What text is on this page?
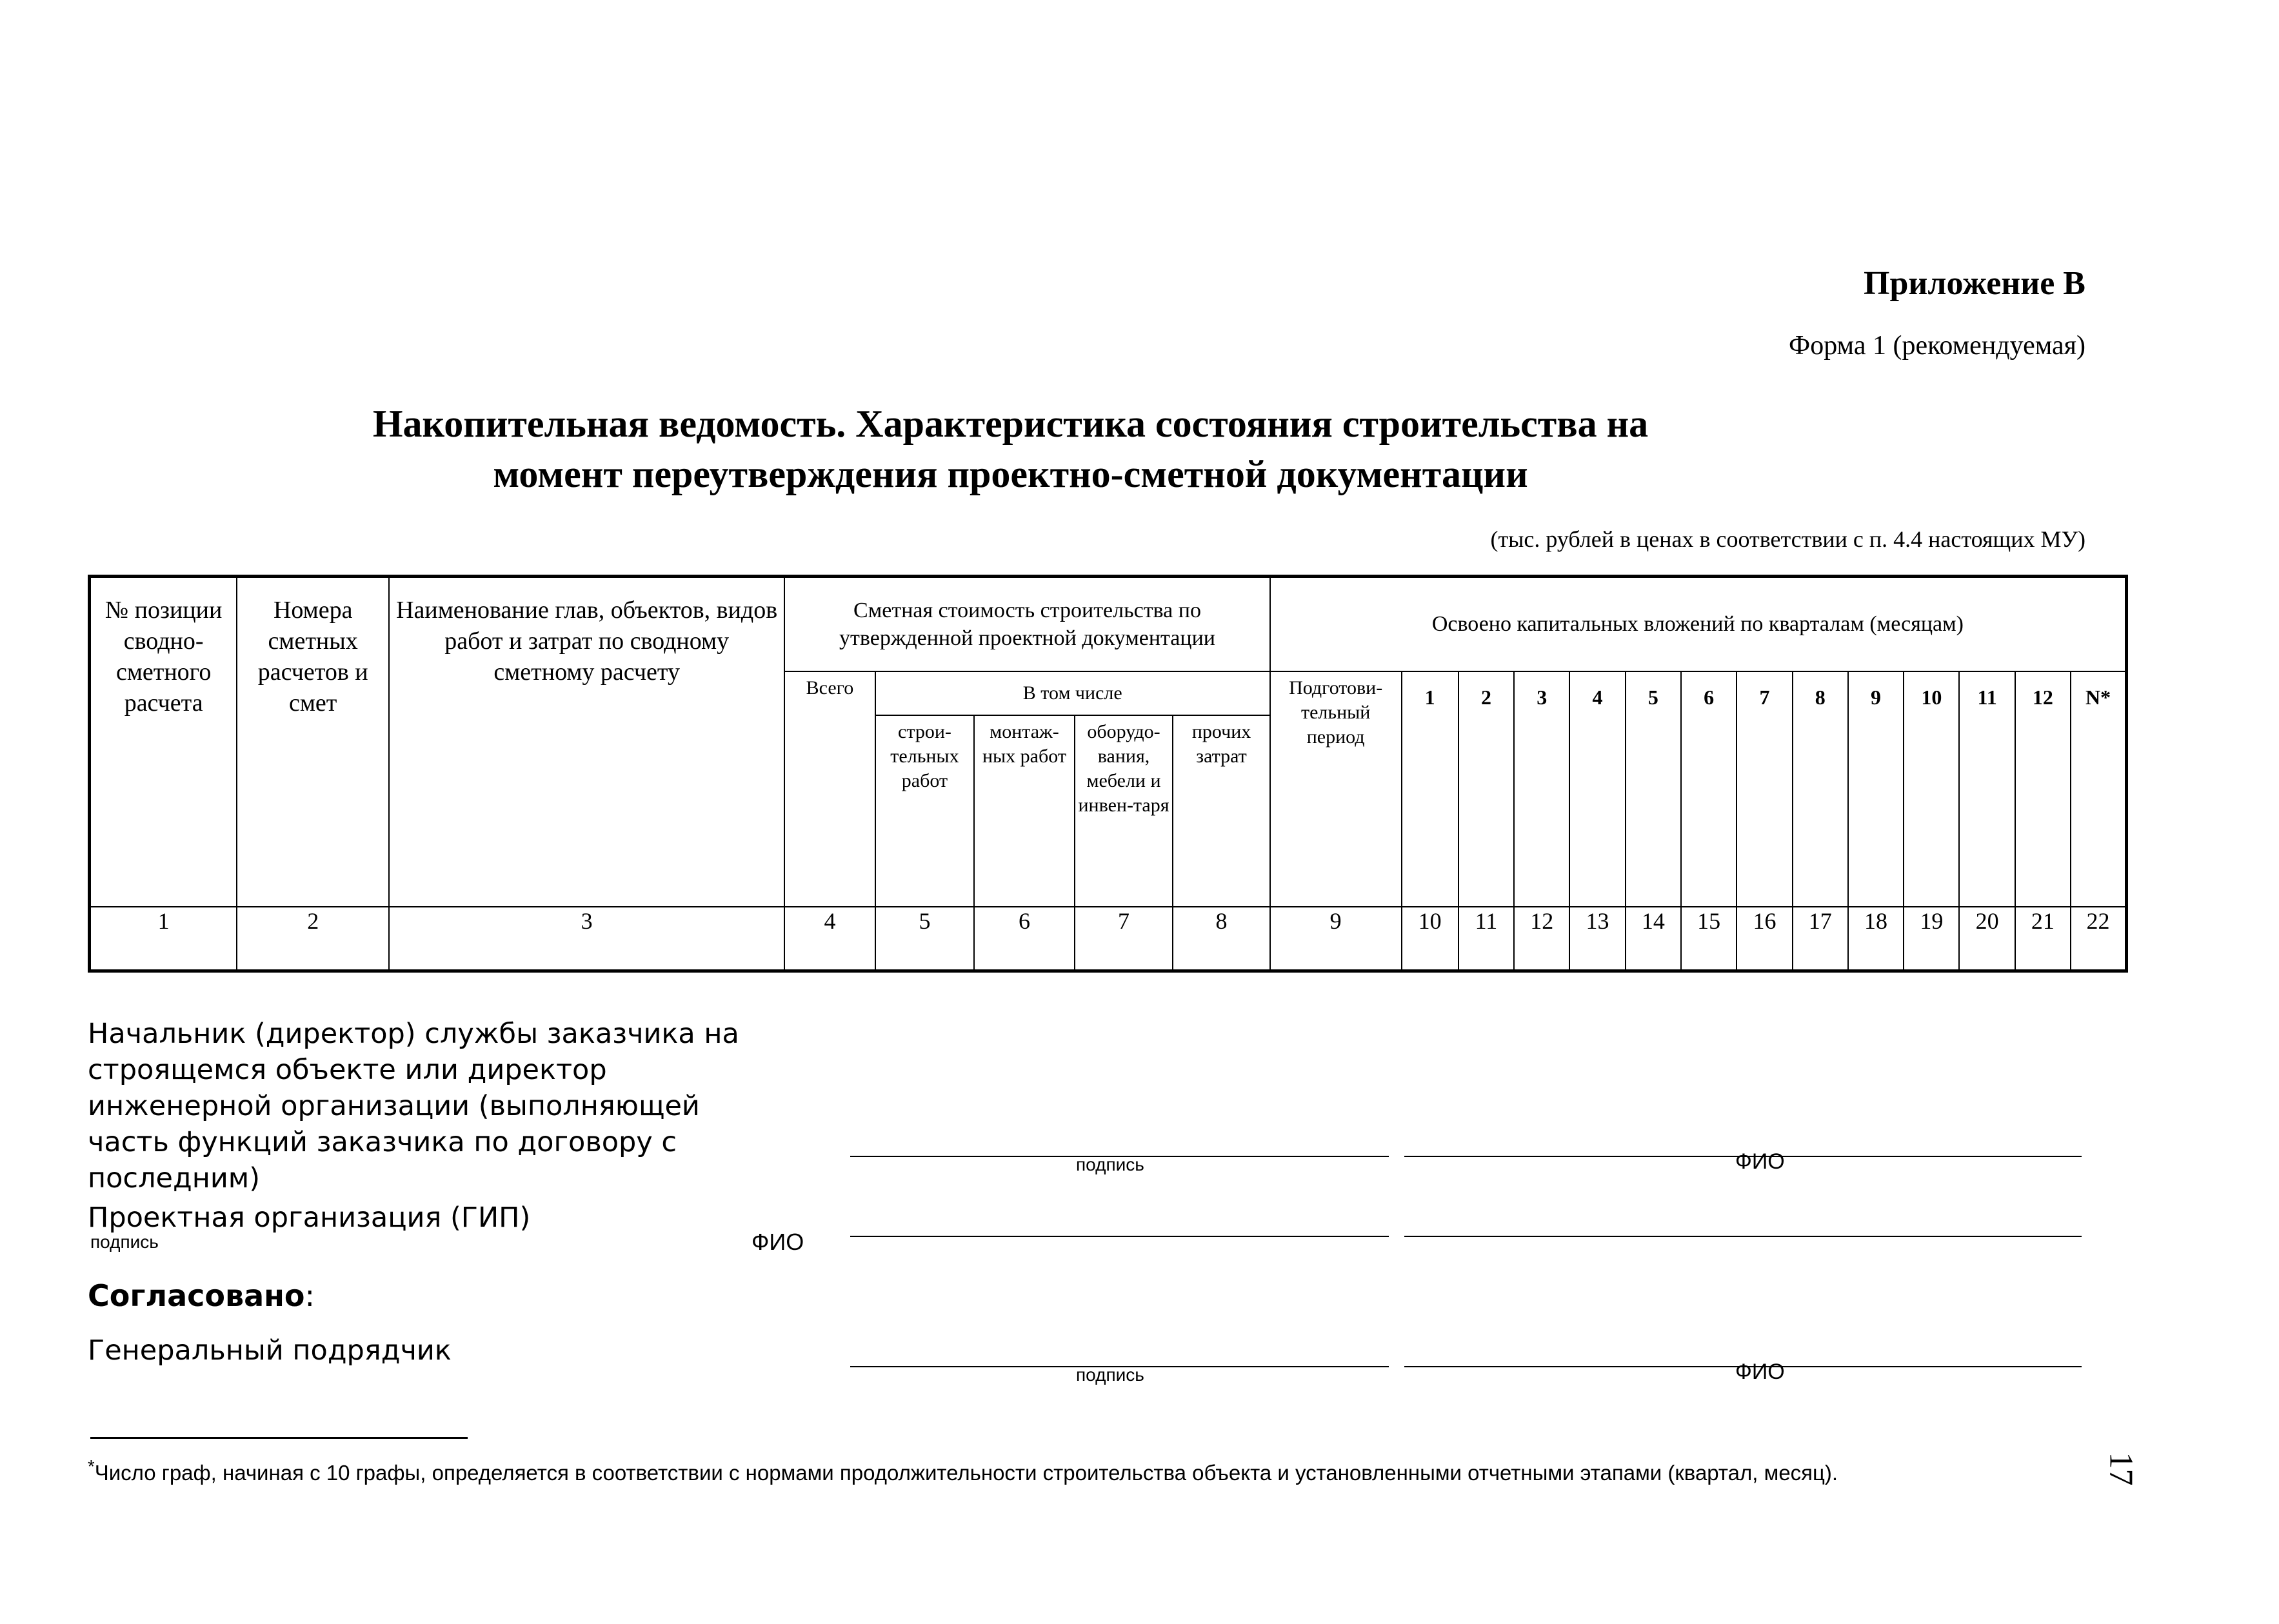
Приложение В
Форма 1 (рекомендуемая)
Накопительная ведомость. Характеристика состояния строительства на
момент переутверждения проектно-сметной документации
(тыс. рублей в ценах в соответствии с п. 4.4 настоящих МУ)
№ позиции сводно-сметного расчета	Номера сметных расчетов и смет	Наименование глав, объектов, видов работ и затрат по сводному сметному расчету	Сметная стоимость строительства по утвержденной проектной документации					Освоено капитальных вложений по кварталам (месяцам)													
			Всего	В том числе				Подготови-тельный период	1	2	3	4	5	6	7	8	9	10	11	12	N*
				строи-тельных работ	монтаж-ных работ	оборудо-вания, мебели и инвен-таря	прочих затрат														
1	2	3	4	5	6	7	8	9	10	11	12	13	14	15	16	17	18	19	20	21	22
Начальник (директор) службы заказчика на строящемся объекте или директор инженерной организации (выполняющей часть функций заказчика по договору с последним)	подпись	ФИО
Проектная организация (ГИП)
подпись	ФИО
Согласовано:
Генеральный подрядчик
подпись	ФИО
*Число граф, начиная с 10 графы, определяется в соответствии с нормами продолжительности строительства объекта и установленными отчетными этапами (квартал, месяц).	17
